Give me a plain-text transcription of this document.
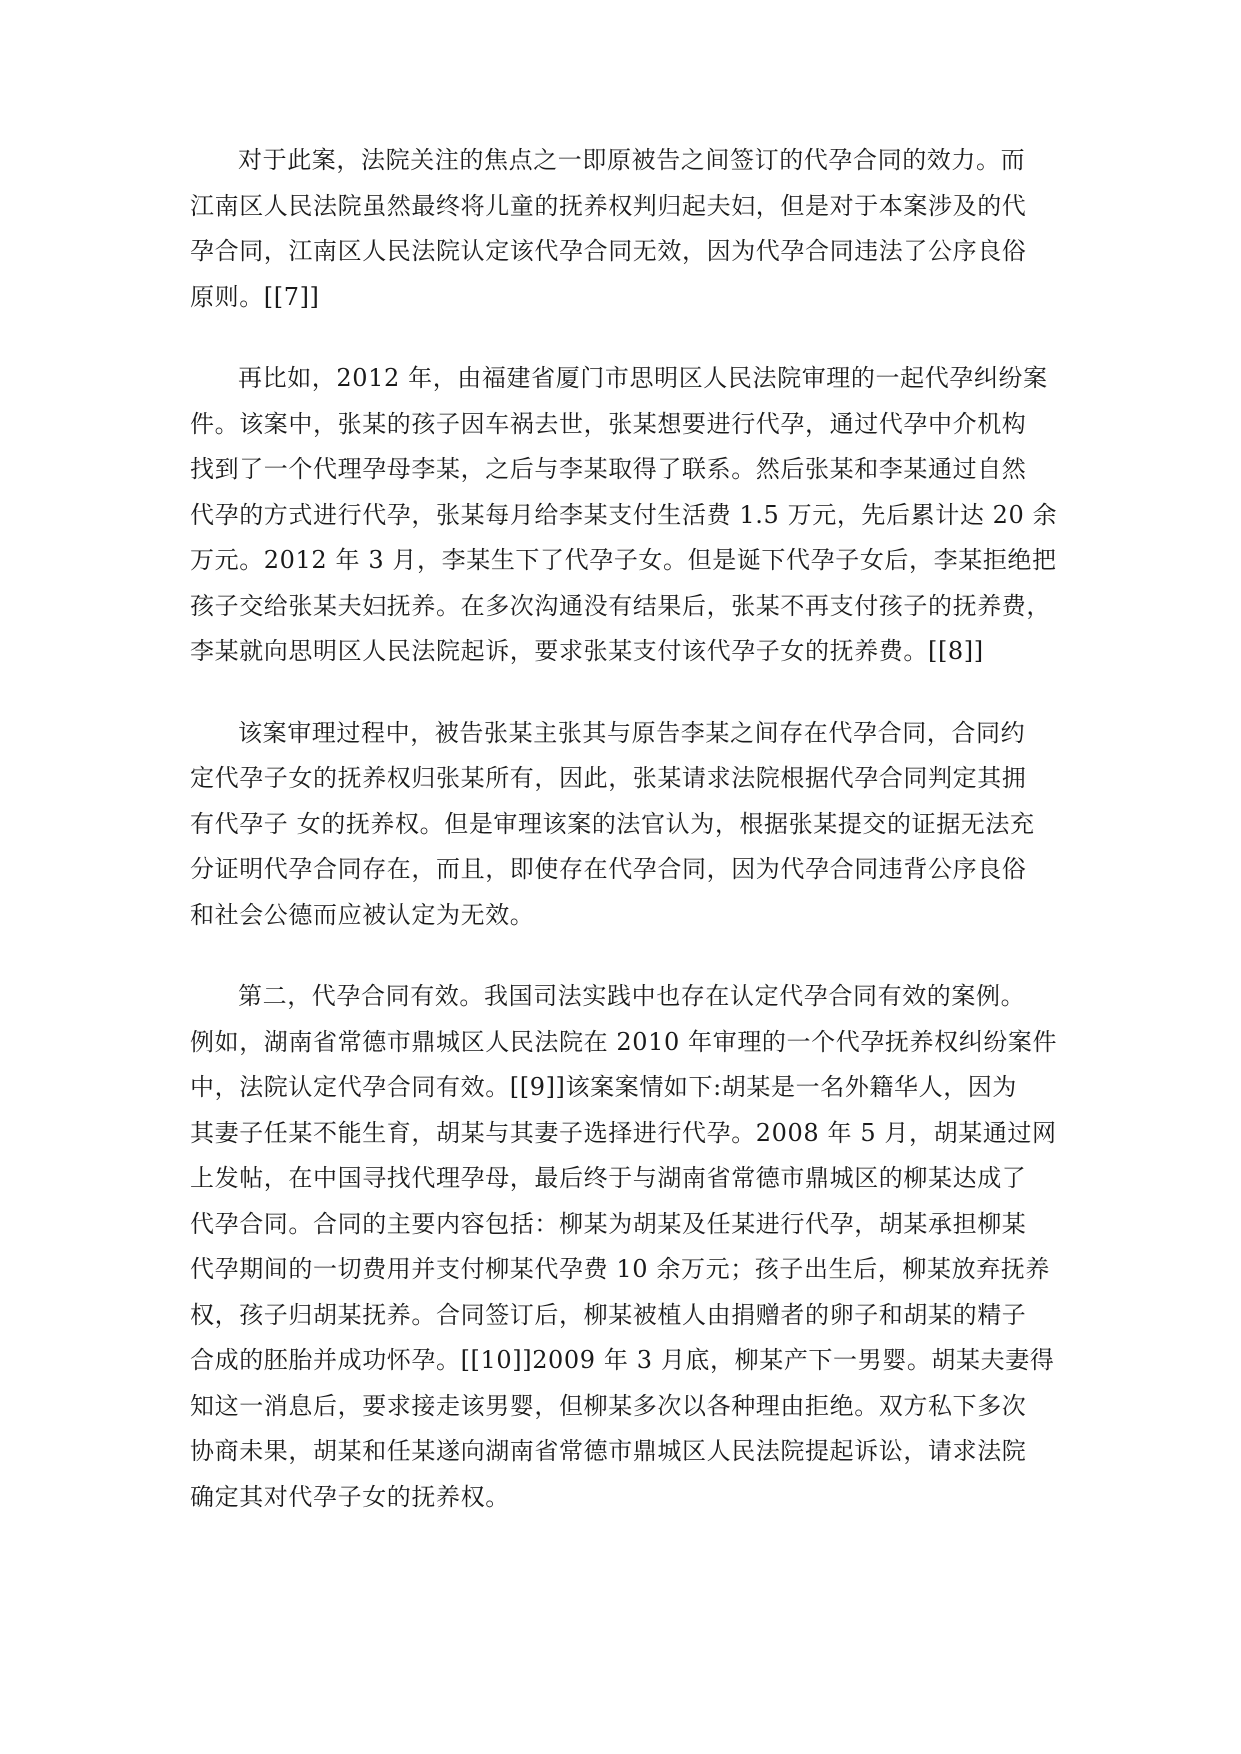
对于此案，法院关注的焦点之一即原被告之间签订的代孕合同的效力。而
江南区人民法院虽然最终将儿童的抚养权判归起夫妇，但是对于本案涉及的代
孕合同，江南区人民法院认定该代孕合同无效，因为代孕合同违法了公序良俗
原则。[[7]]
再比如，2012 年，由福建省厦门市思明区人民法院审理的一起代孕纠纷案
件。该案中，张某的孩子因车祸去世，张某想要进行代孕，通过代孕中介机构
找到了一个代理孕母李某，之后与李某取得了联系。然后张某和李某通过自然
代孕的方式进行代孕，张某每月给李某支付生活费 1.5 万元，先后累计达 20 余
万元。2012 年 3 月，李某生下了代孕子女。但是诞下代孕子女后，李某拒绝把
孩子交给张某夫妇抚养。在多次沟通没有结果后，张某不再支付孩子的抚养费，
李某就向思明区人民法院起诉，要求张某支付该代孕子女的抚养费。[[8]]
该案审理过程中，被告张某主张其与原告李某之间存在代孕合同，合同约
定代孕子女的抚养权归张某所有，因此，张某请求法院根据代孕合同判定其拥
有代孕子 女的抚养权。但是审理该案的法官认为，根据张某提交的证据无法充
分证明代孕合同存在，而且，即使存在代孕合同，因为代孕合同违背公序良俗
和社会公德而应被认定为无效。
第二，代孕合同有效。我国司法实践中也存在认定代孕合同有效的案例。
例如，湖南省常德市鼎城区人民法院在 2010 年审理的一个代孕抚养权纠纷案件
中，法院认定代孕合同有效。[[9]]该案案情如下:胡某是一名外籍华人，因为
其妻子任某不能生育，胡某与其妻子选择进行代孕。2008 年 5 月，胡某通过网
上发帖，在中国寻找代理孕母，最后终于与湖南省常德市鼎城区的柳某达成了
代孕合同。合同的主要内容包括：柳某为胡某及任某进行代孕，胡某承担柳某
代孕期间的一切费用并支付柳某代孕费 10 余万元；孩子出生后，柳某放弃抚养
权，孩子归胡某抚养。合同签订后，柳某被植人由捐赠者的卵子和胡某的精子
合成的胚胎并成功怀孕。[[10]]2009 年 3 月底，柳某产下一男婴。胡某夫妻得
知这一消息后，要求接走该男婴，但柳某多次以各种理由拒绝。双方私下多次
协商未果，胡某和任某遂向湖南省常德市鼎城区人民法院提起诉讼，请求法院
确定其对代孕子女的抚养权。
